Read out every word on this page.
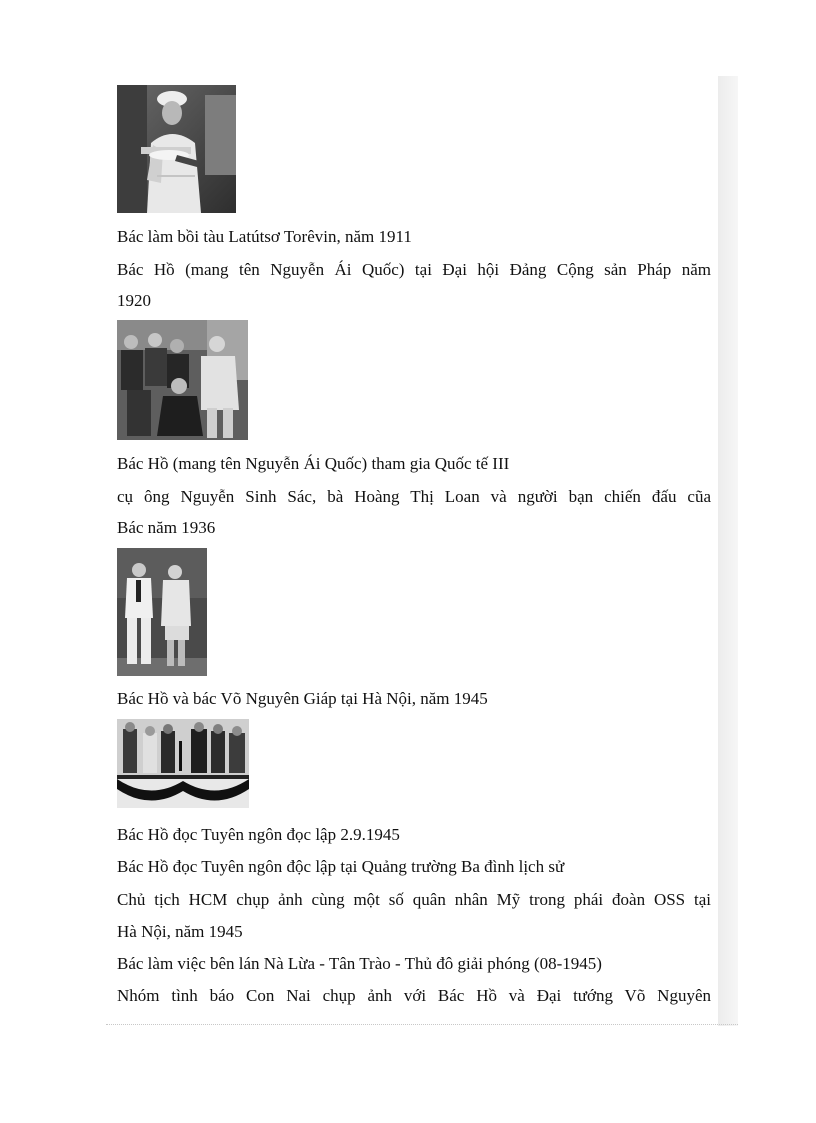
Bác làm bồi tàu Latútsơ Torêvin, năm 1911
Bác Hồ (mang tên Nguyễn Ái Quốc) tại Đại hội Đảng Cộng sản Pháp năm
1920
Bác Hồ (mang tên Nguyễn Ái Quốc) tham gia Quốc tế III
cụ ông Nguyễn Sinh Sác, bà Hoàng Thị Loan và người bạn chiến đấu cũa
Bác năm 1936
Bác Hồ và bác Võ Nguyên Giáp tại Hà Nội, năm 1945
Bác Hồ đọc Tuyên ngôn đọc lập 2.9.1945
Bác Hồ đọc Tuyên ngôn độc lập tại Quảng trường Ba đình lịch sử
Chủ tịch HCM chụp ảnh cùng một số quân nhân Mỹ trong phái đoàn OSS tại
Hà Nội, năm 1945
Bác làm việc bên lán Nà Lừa - Tân Trào - Thủ đô giải phóng (08-1945)
Nhóm tình báo Con Nai chụp ảnh với Bác Hồ và Đại tướng Võ Nguyên
